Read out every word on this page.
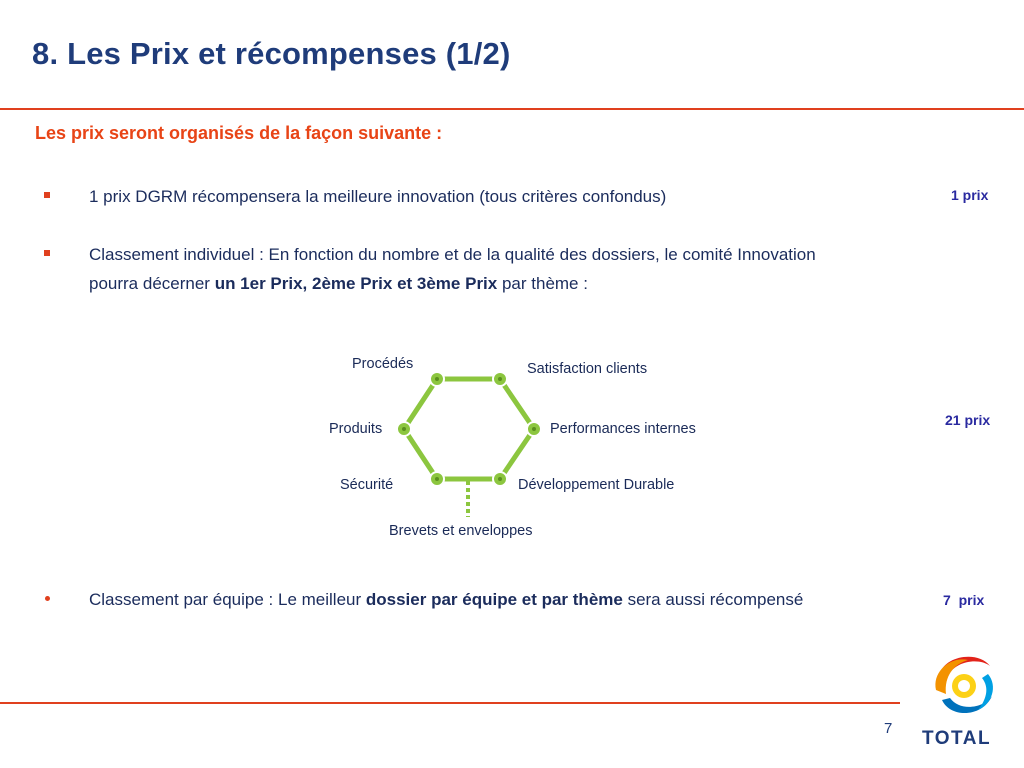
8. Les Prix et récompenses (1/2)
Les prix seront organisés de la façon suivante :
1 prix DGRM récompensera la meilleure innovation (tous critères confondus)
Classement individuel : En fonction du nombre et de la qualité des dossiers, le comité Innovation
pourra décerner un 1er Prix, 2ème Prix et 3ème Prix par thème :
Classement par équipe : Le meilleur dossier par équipe et par thème sera aussi récompensé
1 prix
21 prix
7 prix
Procédés	Satisfaction clients
Produits	Performances internes
Sécurité	Développement Durable
Brevets et enveloppes
7 TOTAL
